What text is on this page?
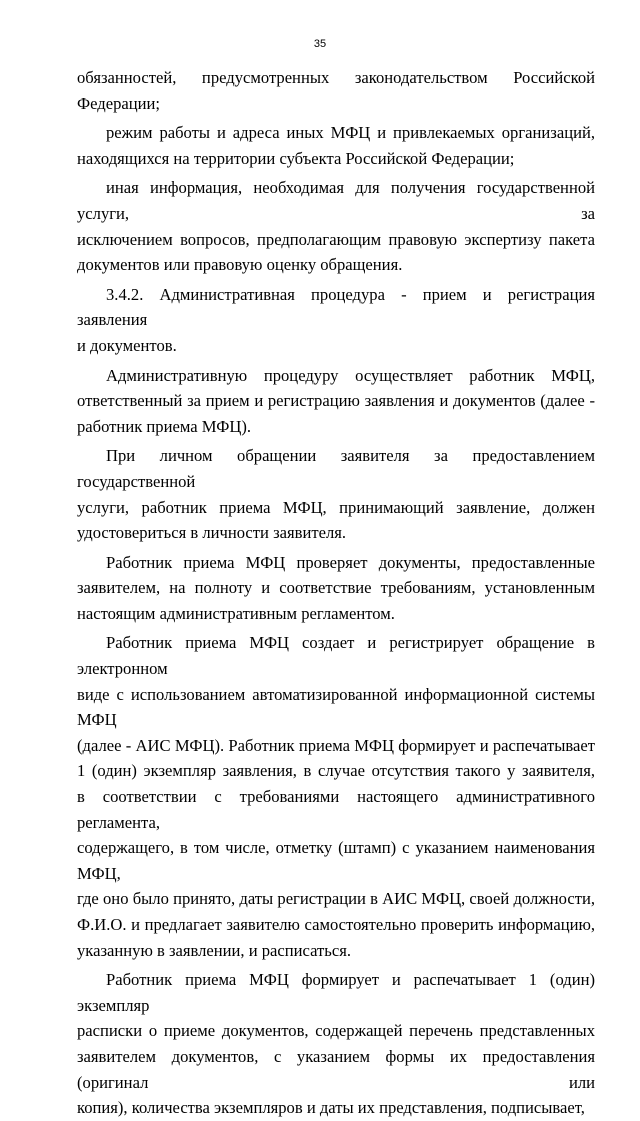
35

обязанностей, предусмотренных законодательством Российской Федерации;

режим работы и адреса иных МФЦ и привлекаемых организаций,
находящихся на территории субъекта Российской Федерации;

иная информация, необходимая для получения государственной услуги, за
исключением вопросов, предполагающим правовую экспертизу пакета
документов или правовую оценку обращения.

3.4.2. Административная процедура - прием и регистрация заявления
и документов.

Административную процедуру осуществляет работник МФЦ,
ответственный за прием и регистрацию заявления и документов (далее -
работник приема МФЦ).

При личном обращении заявителя за предоставлением государственной
услуги, работник приема МФЦ, принимающий заявление, должен
удостовериться в личности заявителя.

Работник приема МФЦ проверяет документы, предоставленные
заявителем, на полноту и соответствие требованиям, установленным
настоящим административным регламентом.

Работник приема МФЦ создает и регистрирует обращение в электронном
виде с использованием автоматизированной информационной системы МФЦ
(далее - АИС МФЦ). Работник приема МФЦ формирует и распечатывает
1 (один) экземпляр заявления, в случае отсутствия такого у заявителя,
в соответствии с требованиями настоящего административного регламента,
содержащего, в том числе, отметку (штамп) с указанием наименования МФЦ,
где оно было принято, даты регистрации в АИС МФЦ, своей должности,
Ф.И.О. и предлагает заявителю самостоятельно проверить информацию,
указанную в заявлении, и расписаться.

Работник приема МФЦ формирует и распечатывает 1 (один) экземпляр
расписки о приеме документов, содержащей перечень представленных
заявителем документов, с указанием формы их предоставления (оригинал или
копия), количества экземпляров и даты их представления, подписывает,
